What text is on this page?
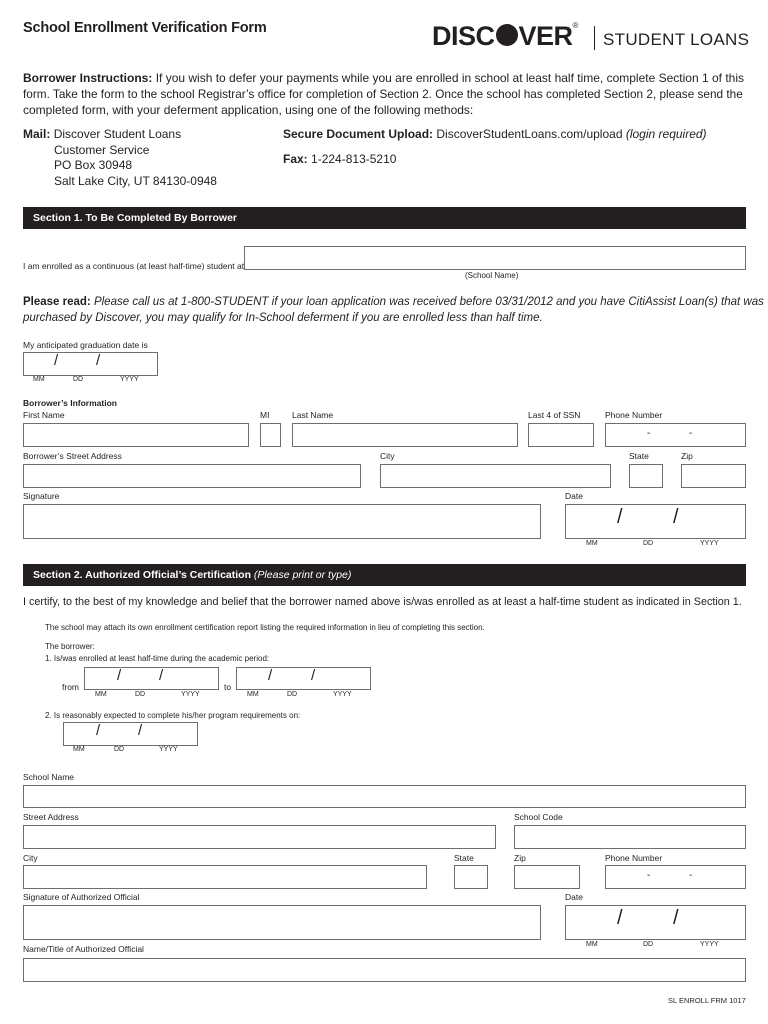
School Enrollment Verification Form	DISC VER®
STUDENT LOANS
Borrower Instructions: If you wish to defer your payments while you are enrolled in school at least half time, complete Section 1 of this
form. Take the form to the school Registrar’s office for completion of Section 2. Once the school has completed Section 2, please send the
completed form, with your deferment application, using one of the following methods:
Mail: Discover Student Loans
Customer Service
PO Box 30948
Salt Lake City, UT 84130-0948
Secure Document Upload: DiscoverStudentLoans.com/upload (login required)
Fax: 1-224-813-5210
Section 1. To Be Completed By Borrower
I am enrolled as a continuous (at least half-time) student at
(School Name)
Please read: Please call us at 1-800-STUDENT if your loan application was received before 03/31/2012 and you have CitiAssist Loan(s) that was
purchased by Discover, you may qualify for In-School deferment if you are enrolled less than half time.
My anticipated graduation date is
/	/
MM	DD	YYYY
Borrower’s Information
First Name	MI	Last Name	Last 4 of SSN	Phone Number
-	-
Borrower’s Street Address	City	State	Zip
Signature	Date
/	/
MM	DD	YYYY
Section 2. Authorized Official’s Certification (Please print or type)
I certify, to the best of my knowledge and belief that the borrower named above is/was enrolled as at least a half-time student as indicated in Section 1.
The school may attach its own enrollment certification report listing the required information in lieu of completing this section.
The borrower:
1. Is/was enrolled at least half-time during the academic period:
from
/	/
MM	DD	YYYY
to
/	/
MM	DD	YYYY
2. Is reasonably expected to complete his/her program requirements on:
/	/
MM	DD	YYYY
School Name
Street Address	School Code
City	State	Zip	Phone Number
-	-
Signature of Authorized Official	Date
/	/
MM	DD	YYYY
Name/Title of Authorized Official
SL ENROLL FRM 1017
